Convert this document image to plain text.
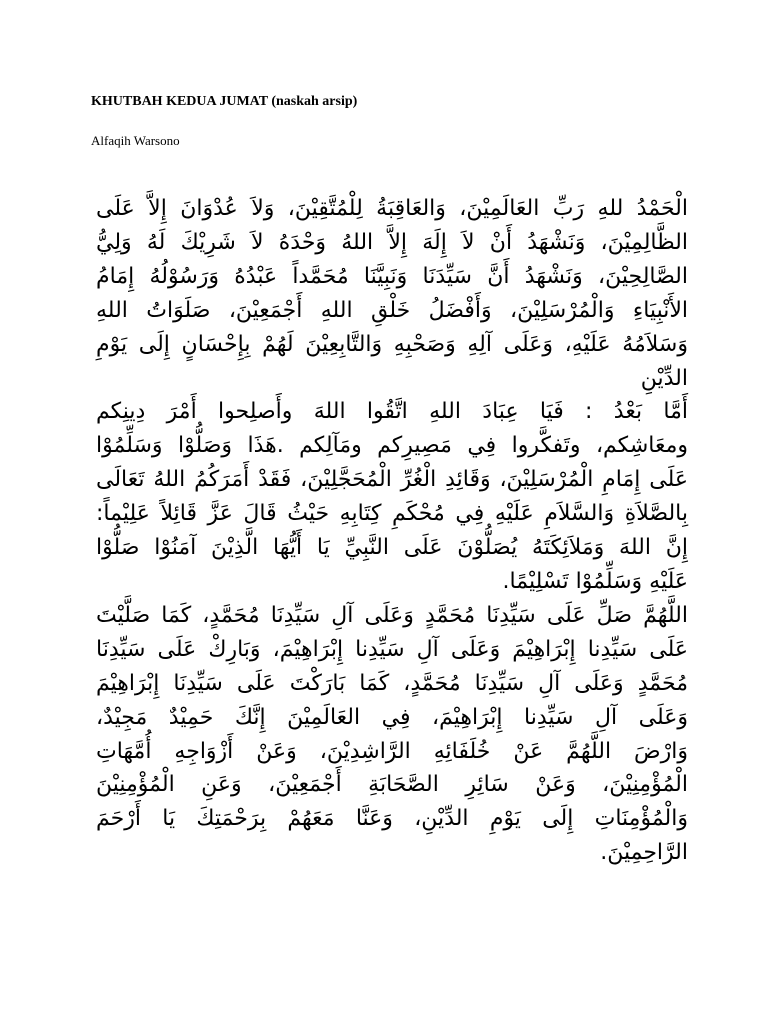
KHUTBAH KEDUA JUMAT (naskah arsip)
Alfaqih Warsono
الْحَمْدُ للهِ رَبِّ العَالَمِيْنَ، وَالعَاقِبَةُ لِلْمُتَّقِيْنَ، وَلاَ عُدْوَانَ إِلاَّ عَلَى
الظَّالِمِيْنَ، وَنَشْهَدُ أَنْ لاَ إِلَهَ إِلاَّ اللهُ وَحْدَهُ لاَ شَرِيْكَ لَهُ وَلِيُّ
الصَّالِحِيْنَ، وَنَشْهَدُ أَنَّ سَيِّدَنَا وَنَبِيَّنَا مُحَمَّداً عَبْدُهُ وَرَسُوْلُهُ إِمَامُ
الأَنْبِيَاءِ وَالْمُرْسَلِيْنَ، وَأَفْضَلُ خَلْقِ اللهِ أَجْمَعِيْنَ، صَلَوَاتُ اللهِ
وَسَلاَمُهُ عَلَيْهِ، وَعَلَى آلِهِ وَصَحْبِهِ وَالتَّابِعِيْنَ لَهُمْ بِإِحْسَانٍ إِلَى يَوْمِ
الدِّيْنِ
أَمَّا بَعْدُ : فَيَا عِبَادَ اللهِ اتَّقُوا اللهَ وأَصلِحوا أَمْرَ دِينِكم
ومعَاشِكم، وتَفكَّروا فِي مَصِيرِكم ومَآلِكم .هَذَا وَصَلُّوْا وَسَلِّمُوْا
عَلَى إِمَامِ الْمُرْسَلِيْنَ، وَقَائِدِ الْغُرِّ الْمُحَجَّلِيْنَ، فَقَدْ أَمَرَكُمُ اللهُ تَعَالَى
بِالصَّلاَةِ وَالسَّلاَمِ عَلَيْهِ فِي مُحْكَمِ كِتَابِهِ حَيْثُ قَالَ عَزَّ قَائِلاً عَلِيْماً:
إِنَّ اللهَ وَمَلاَئِكَتَهُ يُصَلُّوْنَ عَلَى النَّبِيِّ يَا أَيُّهَا الَّذِيْنَ آمَنُوْا صَلُّوْا
عَلَيْهِ وَسَلِّمُوْا تَسْلِيْمًا.
اللَّهُمَّ صَلِّ عَلَى سَيِّدِنَا مُحَمَّدٍ وَعَلَى آلِ سَيِّدِنَا مُحَمَّدٍ، كَمَا صَلَّيْتَ
عَلَى سَيِّدِنا إِبْرَاهِيْمَ وَعَلَى آلِ سَيِّدِنا إِبْرَاهِيْمَ، وَبَارِكْ عَلَى سَيِّدِنَا
مُحَمَّدٍ وَعَلَى آلِ سَيِّدِنَا مُحَمَّدٍ، كَمَا بَارَكْتَ عَلَى سَيِّدِنَا إِبْرَاهِيْمَ
وَعَلَى آلِ سَيِّدِنا إِبْرَاهِيْمَ، فِي العَالَمِيْنَ إِنَّكَ حَمِيْدٌ مَجِيْدٌ،
وَارْضَ اللَّهُمَّ عَنْ خُلَفَائِهِ الرَّاشِدِيْنَ، وَعَنْ أَزْوَاجِهِ أُمَّهَاتِ
الْمُؤْمِنِيْنَ، وَعَنْ سَائِرِ الصَّحَابَةِ أَجْمَعِيْنَ، وَعَنِ الْمُؤْمِنِيْنَ
وَالْمُؤْمِنَاتِ إِلَى يَوْمِ الدِّيْنِ، وَعَنَّا مَعَهُمْ بِرَحْمَتِكَ يَا أَرْحَمَ
الرَّاحِمِيْنَ.
